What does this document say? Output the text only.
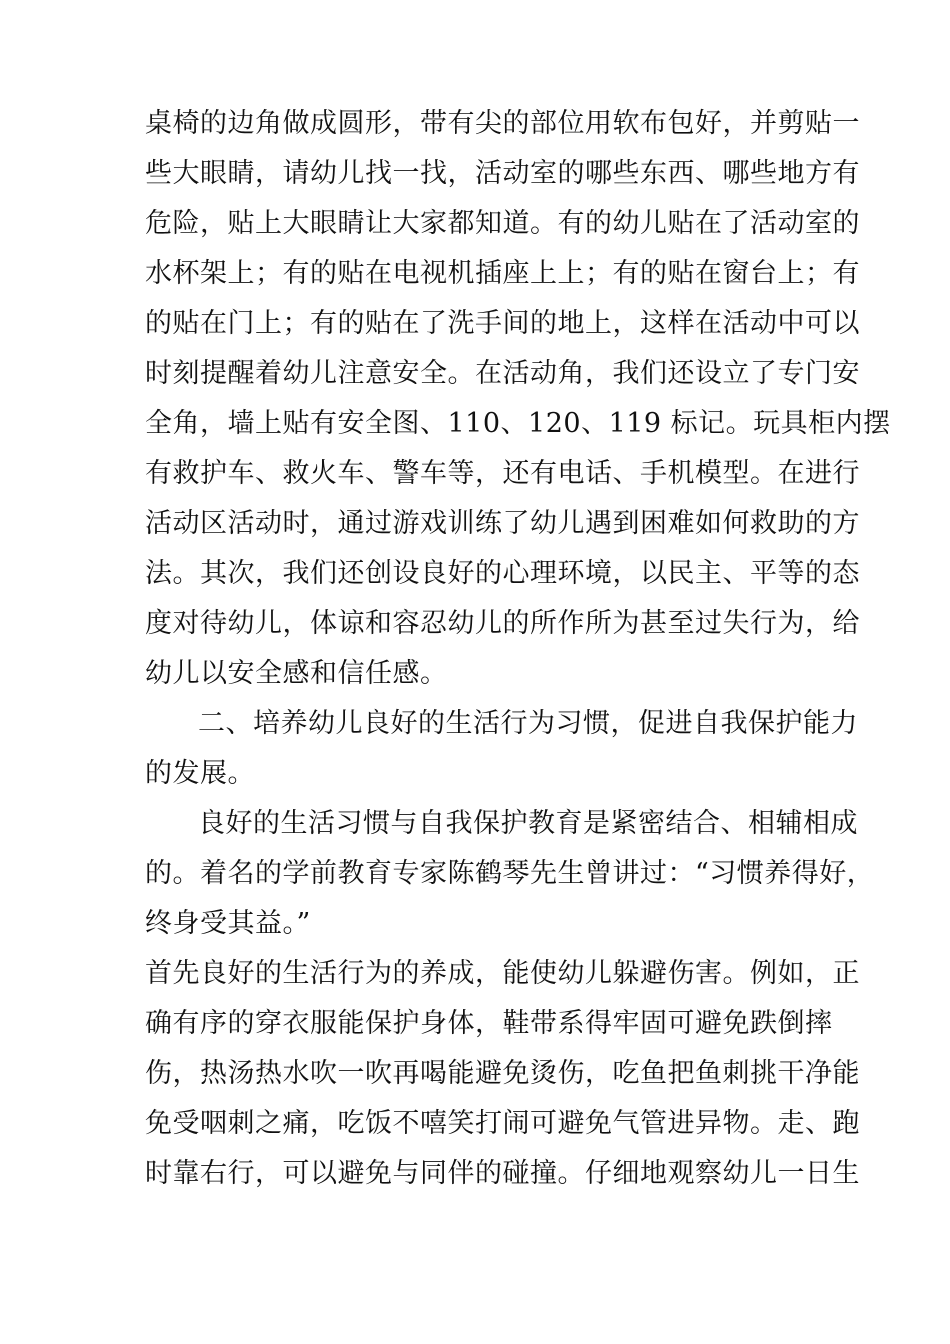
桌椅的边角做成圆形，带有尖的部位用软布包好，并剪贴一
些大眼睛，请幼儿找一找，活动室的哪些东西、哪些地方有
危险，贴上大眼睛让大家都知道。有的幼儿贴在了活动室的
水杯架上；有的贴在电视机插座上上；有的贴在窗台上；有
的贴在门上；有的贴在了洗手间的地上，这样在活动中可以
时刻提醒着幼儿注意安全。在活动角，我们还设立了专门安
全角，墙上贴有安全图、110、120、119 标记。玩具柜内摆
有救护车、救火车、警车等，还有电话、手机模型。在进行
活动区活动时，通过游戏训练了幼儿遇到困难如何救助的方
法。其次，我们还创设良好的心理环境，以民主、平等的态
度对待幼儿，体谅和容忍幼儿的所作所为甚至过失行为，给
幼儿以安全感和信任感。
二、培养幼儿良好的生活行为习惯，促进自我保护能力
的发展。
良好的生活习惯与自我保护教育是紧密结合、相辅相成
的。着名的学前教育专家陈鹤琴先生曾讲过：“习惯养得好，
终身受其益。”
首先良好的生活行为的养成，能使幼儿躲避伤害。例如，正
确有序的穿衣服能保护身体，鞋带系得牢固可避免跌倒摔
伤，热汤热水吹一吹再喝能避免烫伤，吃鱼把鱼刺挑干净能
免受咽刺之痛，吃饭不嘻笑打闹可避免气管进异物。走、跑
时靠右行，可以避免与同伴的碰撞。仔细地观察幼儿一日生
